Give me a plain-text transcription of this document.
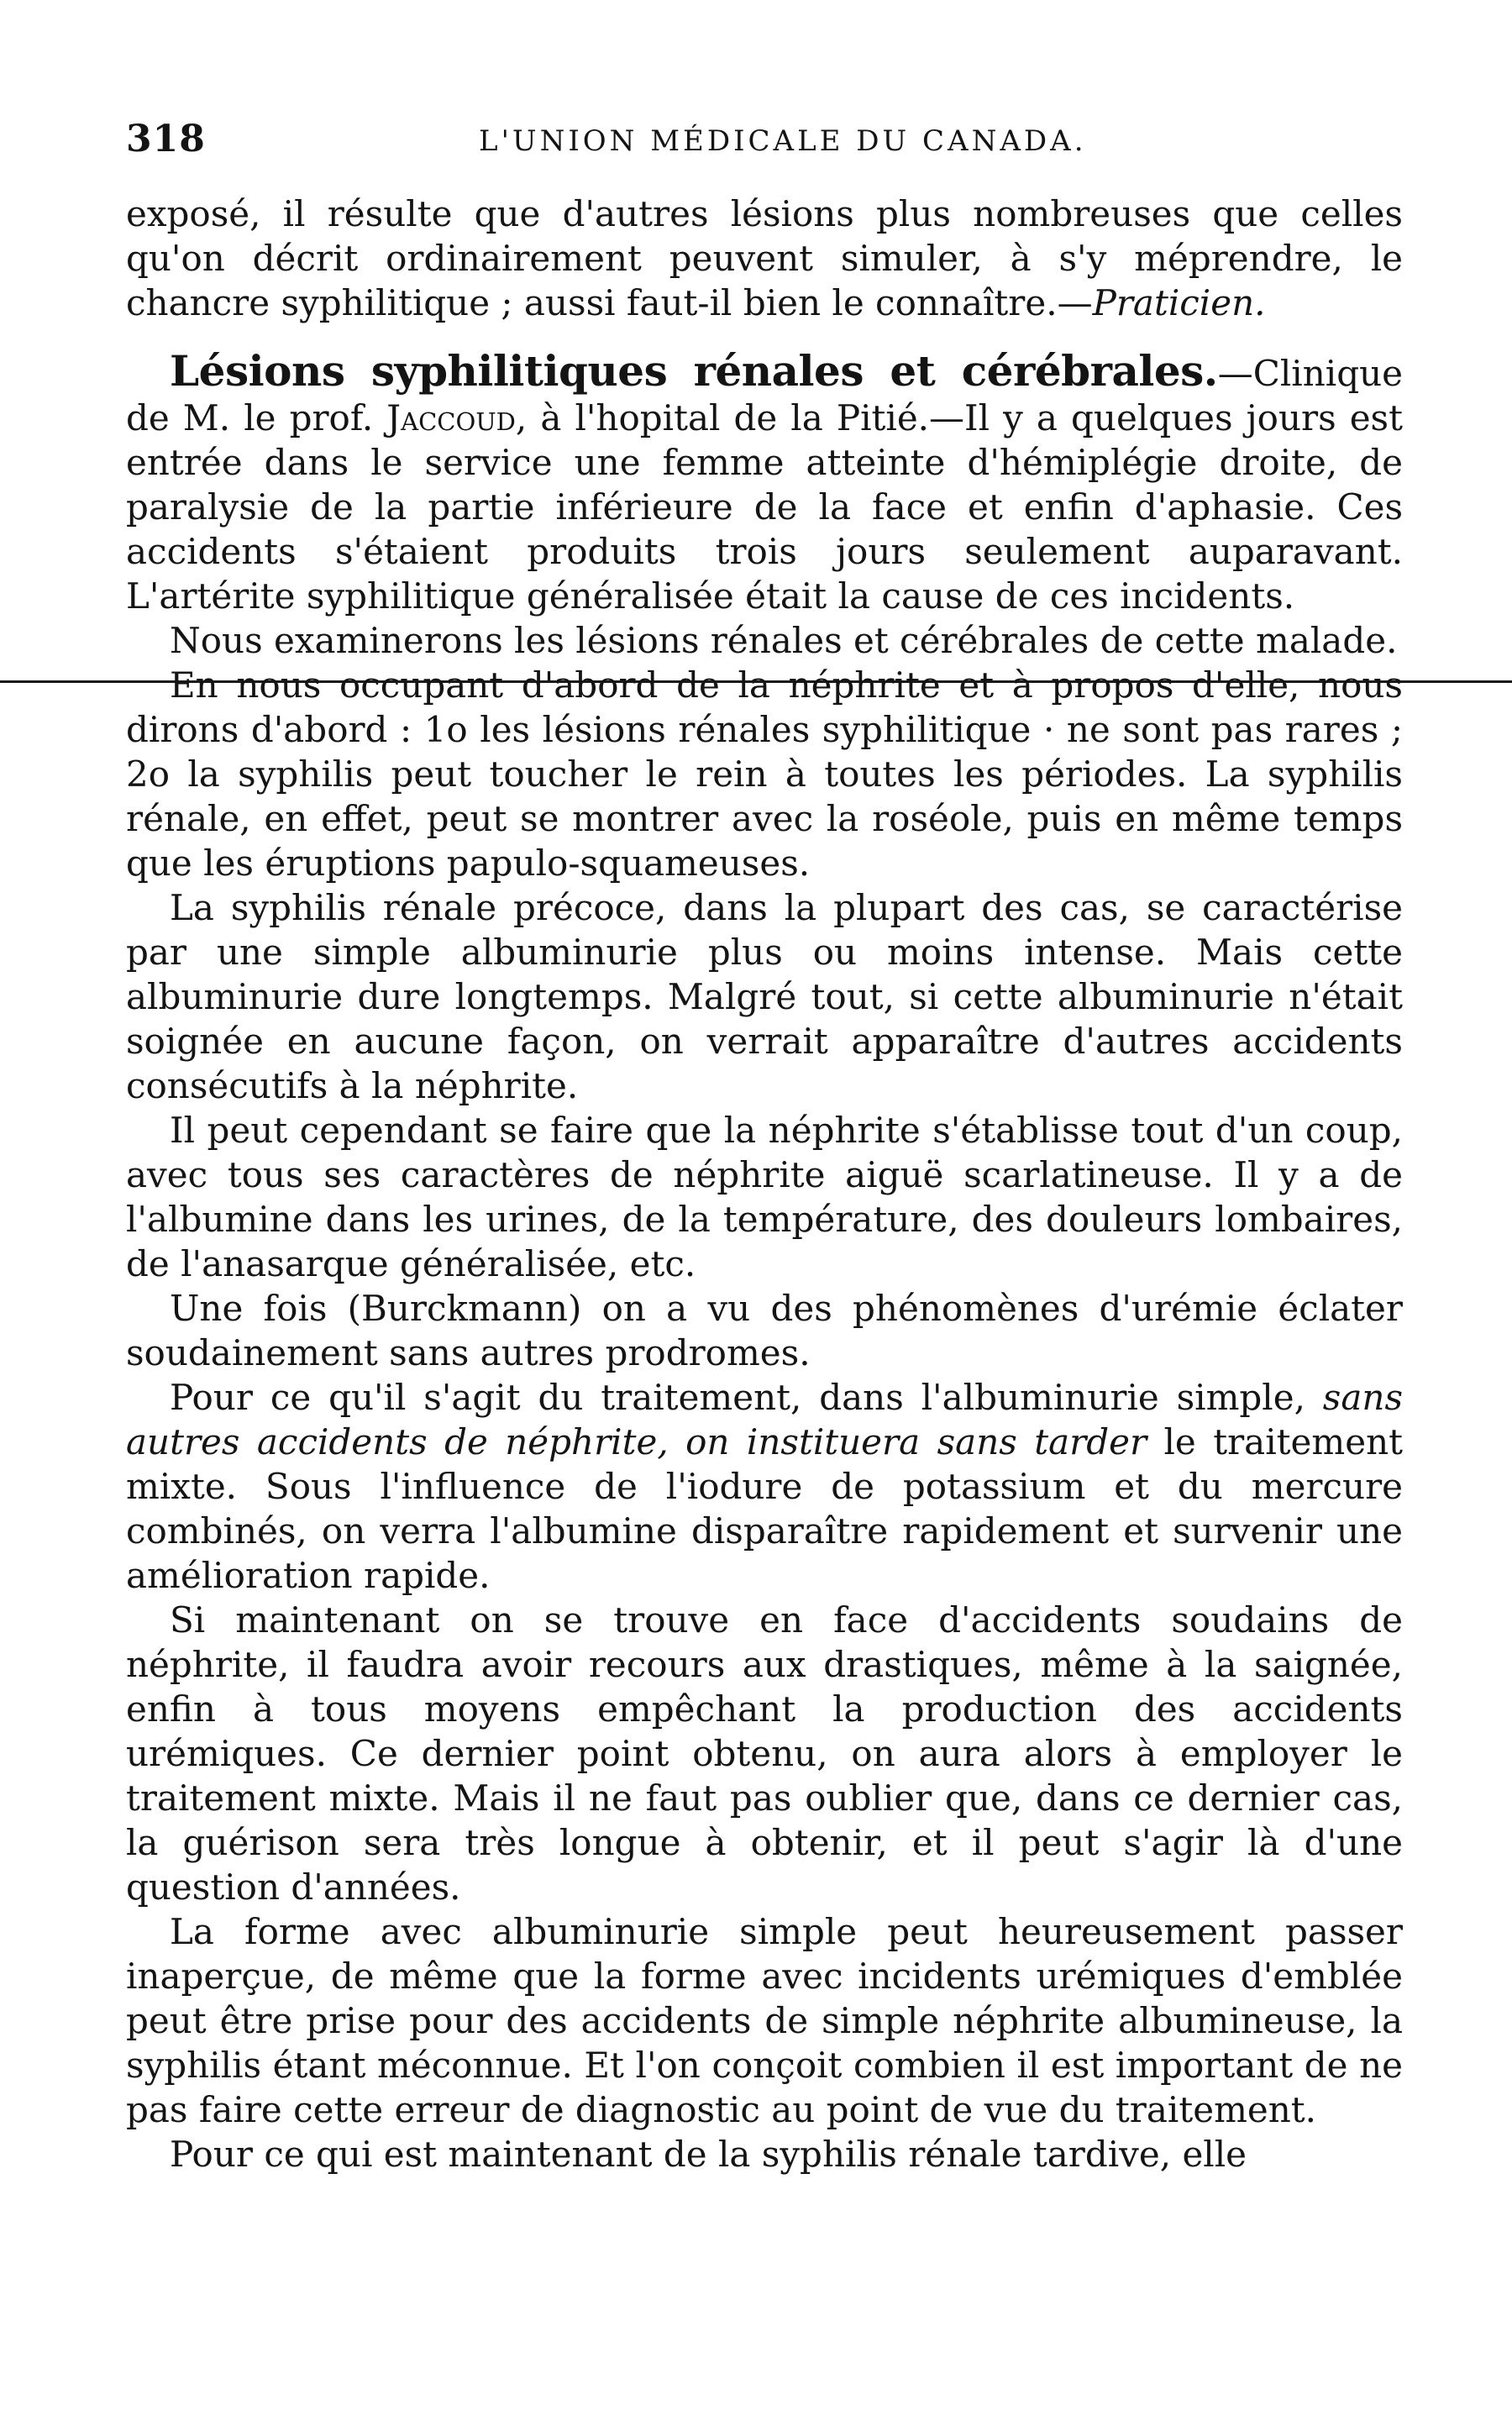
318	L'UNION MÉDICALE DU CANADA.

exposé, il résulte que d'autres lésions plus nombreuses que celles qu'on décrit ordinairement peuvent simuler, à s'y méprendre, le chancre syphilitique ; aussi faut-il bien le connaître.—Praticien.

Lésions syphilitiques rénales et cérébrales.—Clinique de M. le prof. Jaccoud, à l'hopital de la Pitié.—Il y a quelques jours est entrée dans le service une femme atteinte d'hémiplégie droite, de paralysie de la partie inférieure de la face et enfin d'aphasie. Ces accidents s'étaient produits trois jours seulement auparavant. L'artérite syphilitique généralisée était la cause de ces incidents.

Nous examinerons les lésions rénales et cérébrales de cette malade.

En nous occupant d'abord de la néphrite et à propos d'elle, nous dirons d'abord : 1o les lésions rénales syphilitique · ne sont pas rares ; 2o la syphilis peut toucher le rein à toutes les périodes. La syphilis rénale, en effet, peut se montrer avec la roséole, puis en même temps que les éruptions papulo-squameuses.

La syphilis rénale précoce, dans la plupart des cas, se caractérise par une simple albuminurie plus ou moins intense. Mais cette albuminurie dure longtemps. Malgré tout, si cette albuminurie n'était soignée en aucune façon, on verrait apparaître d'autres accidents consécutifs à la néphrite.

Il peut cependant se faire que la néphrite s'établisse tout d'un coup, avec tous ses caractères de néphrite aiguë scarlatineuse. Il y a de l'albumine dans les urines, de la température, des douleurs lombaires, de l'anasarque généralisée, etc.

Une fois (Burckmann) on a vu des phénomènes d'urémie éclater soudainement sans autres prodromes.

Pour ce qu'il s'agit du traitement, dans l'albuminurie simple, sans autres accidents de néphrite, on instituera sans tarder le traitement mixte. Sous l'influence de l'iodure de potassium et du mercure combinés, on verra l'albumine disparaître rapidement et survenir une amélioration rapide.

Si maintenant on se trouve en face d'accidents soudains de néphrite, il faudra avoir recours aux drastiques, même à la saignée, enfin à tous moyens empêchant la production des accidents urémiques. Ce dernier point obtenu, on aura alors à employer le traitement mixte. Mais il ne faut pas oublier que, dans ce dernier cas, la guérison sera très longue à obtenir, et il peut s'agir là d'une question d'années.

La forme avec albuminurie simple peut heureusement passer inaperçue, de même que la forme avec incidents urémiques d'emblée peut être prise pour des accidents de simple néphrite albumineuse, la syphilis étant méconnue. Et l'on conçoit combien il est important de ne pas faire cette erreur de diagnostic au point de vue du traitement.

Pour ce qui est maintenant de la syphilis rénale tardive, elle
